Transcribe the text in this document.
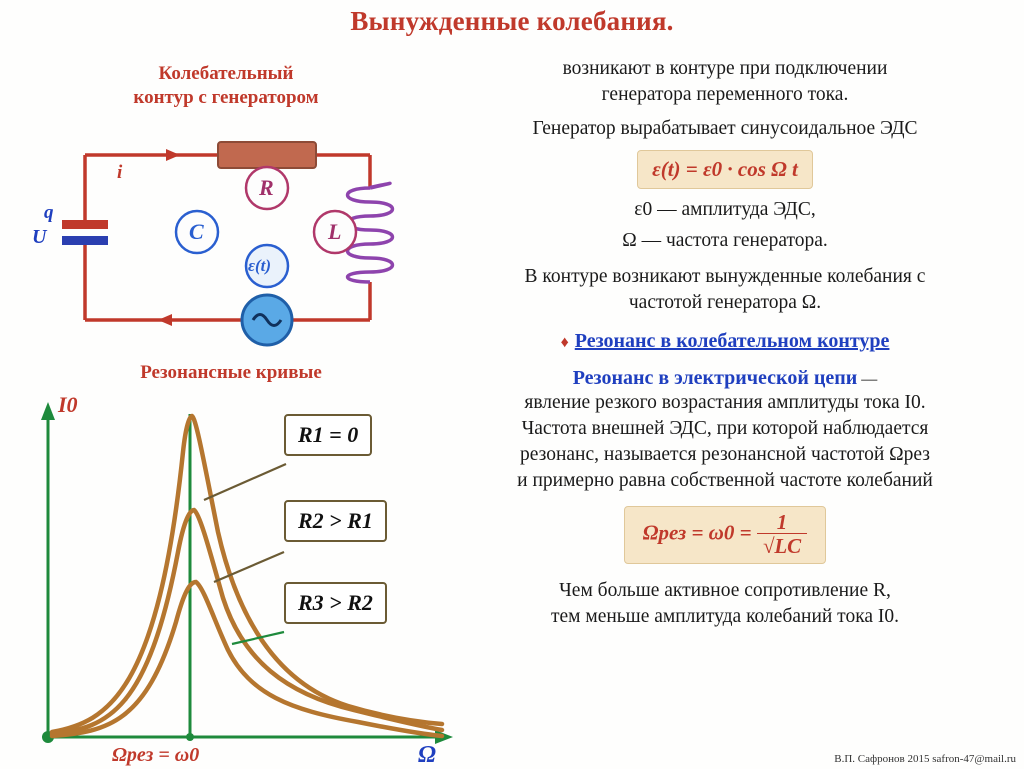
Вынужденные колебания.
Колебательный
контур с генератором
i
q
U
R
C	L
ε(t)
Резонансные кривые
I0
Ω
Ωрез = ω0
R1 = 0
R2 > R1
R3 > R2
возникают в контуре при подключении
генератора переменного тока.
Генератор вырабатывает синусоидальное ЭДС
ε(t) = ε0 · cos Ω t
ε0 — амплитуда ЭДС,
Ω — частота генератора.
В контуре возникают вынужденные колебания с
частотой генератора Ω.
♦ Резонанс в колебательном контуре
Резонанс в электрической цепи —
явление резкого возрастания амплитуды тока I0.
Частота внешней ЭДС, при которой наблюдается
резонанс, называется резонансной частотой Ωрез
и примерно равна собственной частоте колебаний
$\Omega рез = \omega 0 = \frac{1}{√LC}$
Чем больше активное сопротивление R,
тем меньше амплитуда колебаний тока I0.
В.П. Сафронов 2015 safron-47@mail.ru
